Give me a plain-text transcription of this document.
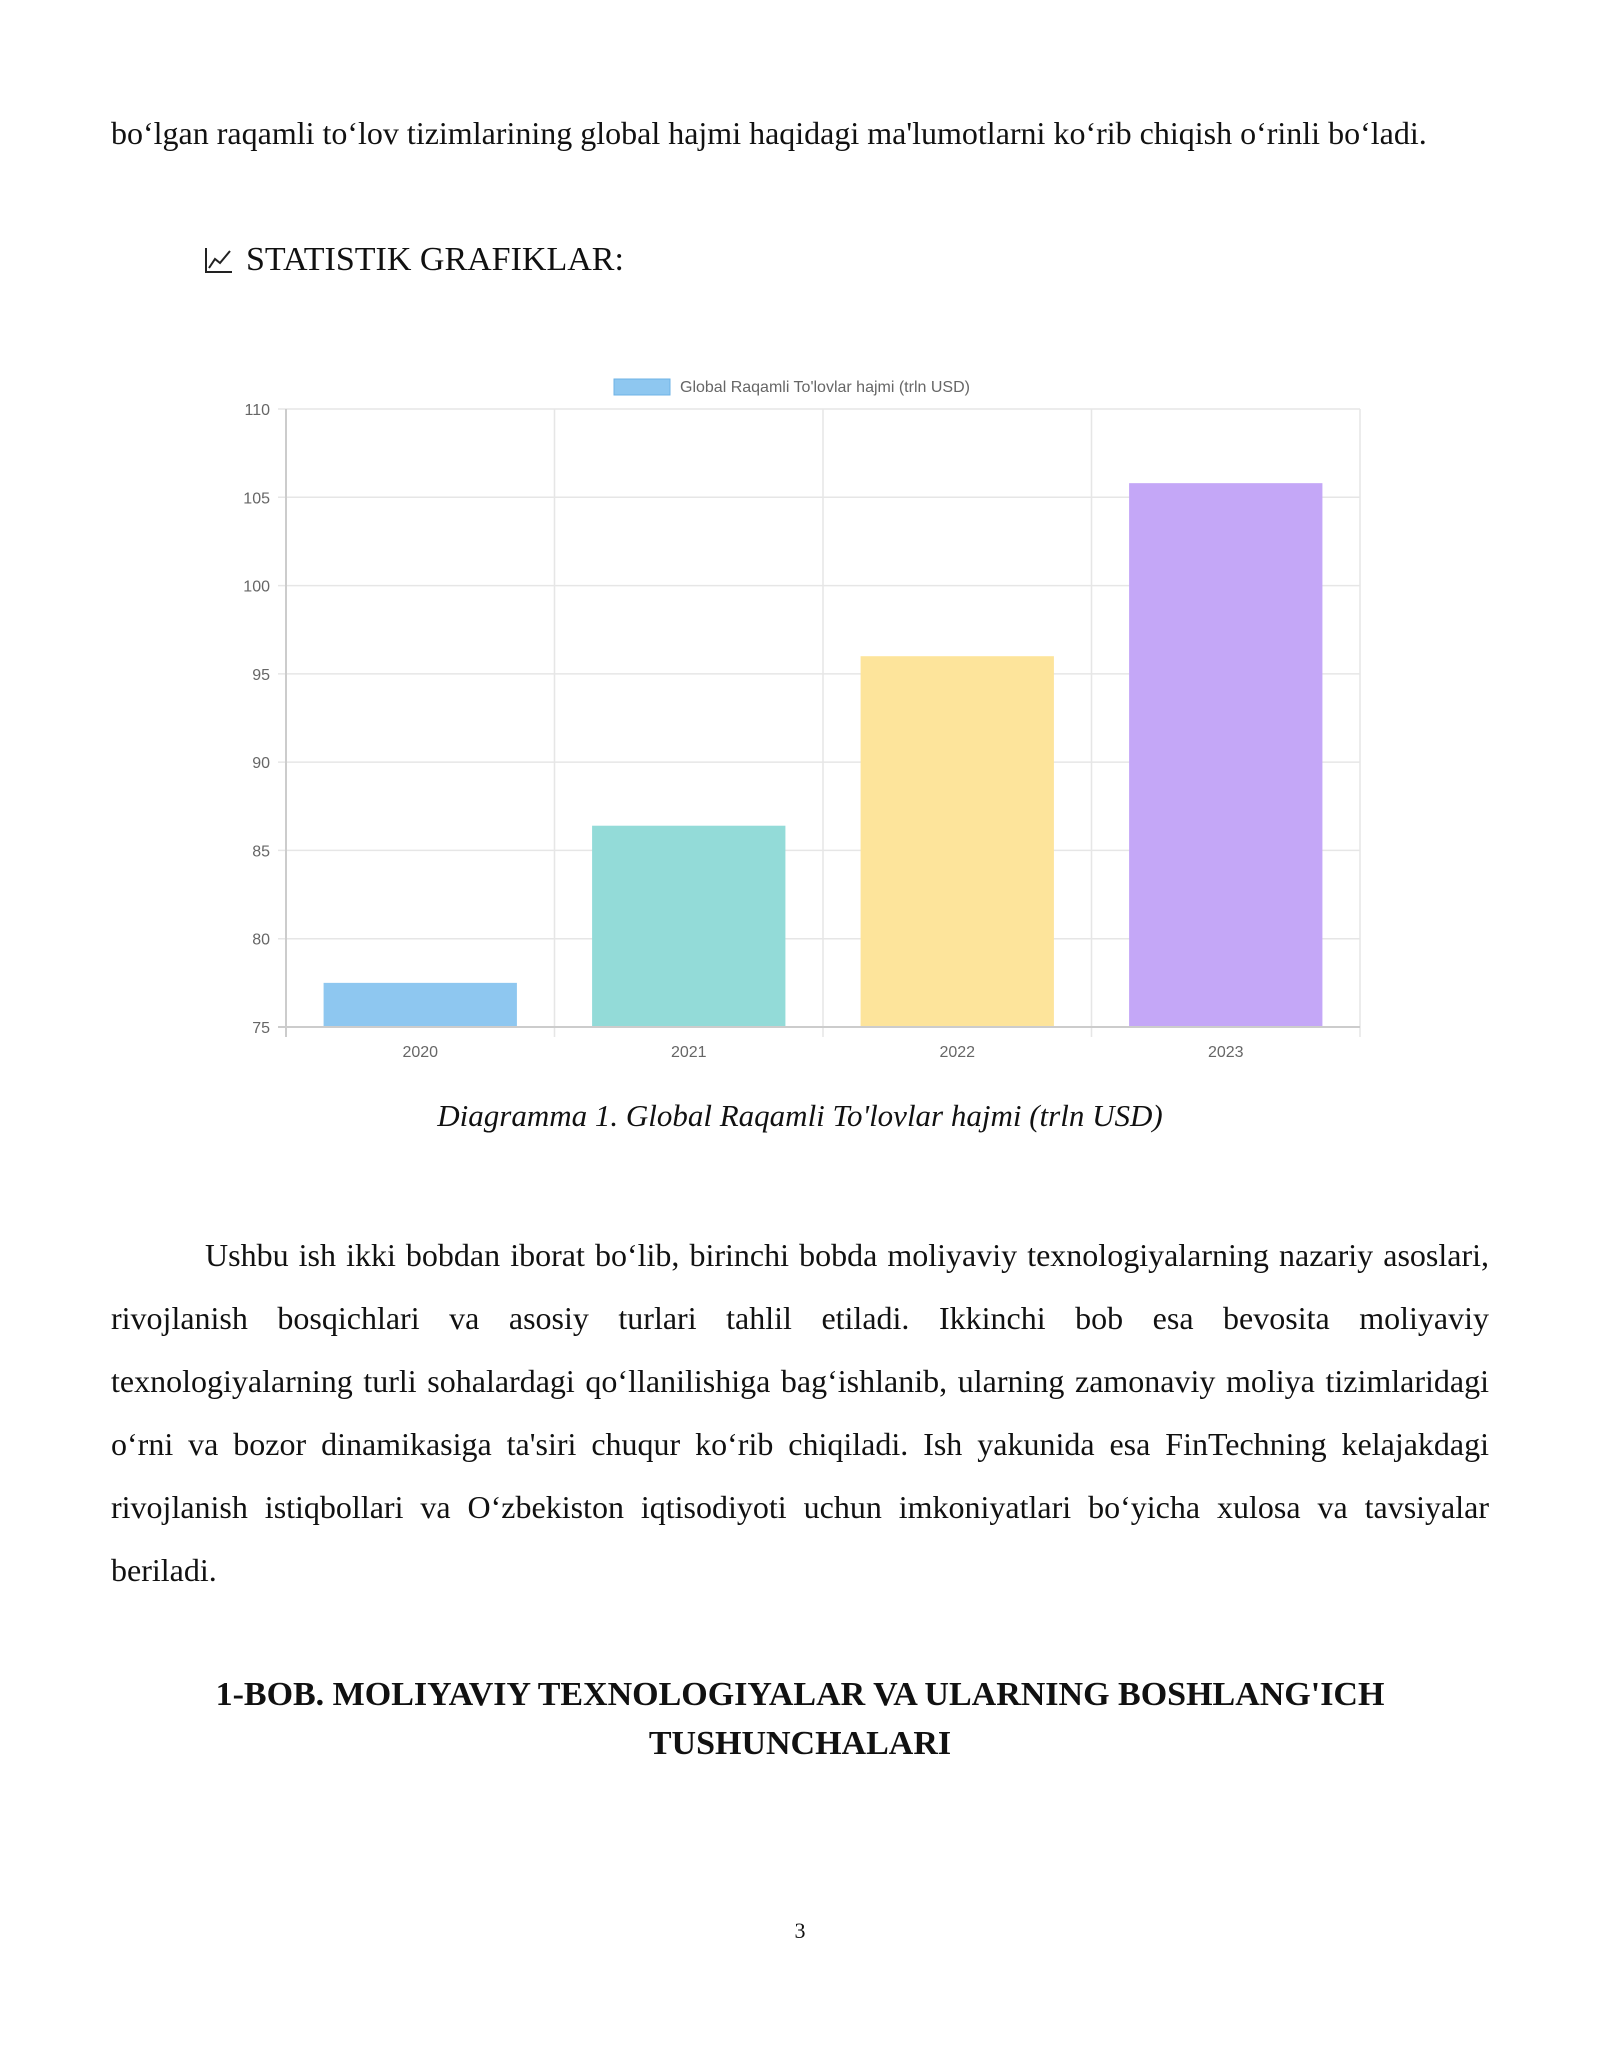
boʻlgan raqamli toʻlov tizimlarining global hajmi haqidagi ma'lumotlarni koʻrib chiqish oʻrinli boʻladi.

STATISTIK GRAFIKLAR:
75
80
85
90
95
100
105
110
2020	2021	2022	2023
Global Raqamli To'lovlar hajmi (trln USD)

Diagramma 1. Global Raqamli To'lovlar hajmi (trln USD)

Ushbu ish ikki bobdan iborat boʻlib, birinchi bobda moliyaviy texnologiyalarning nazariy asoslari, rivojlanish bosqichlari va asosiy turlari tahlil etiladi. Ikkinchi bob esa bevosita moliyaviy texnologiyalarning turli sohalardagi qoʻllanilishiga bagʻishlanib, ularning zamonaviy moliya tizimlaridagi oʻrni va bozor dinamikasiga ta'siri chuqur koʻrib chiqiladi. Ish yakunida esa FinTechning kelajakdagi rivojlanish istiqbollari va Oʻzbekiston iqtisodiyoti uchun imkoniyatlari boʻyicha xulosa va tavsiyalar beriladi.

1-BOB. MOLIYAVIY TEXNOLOGIYALAR VA ULARNING BOSHLANG'ICH
TUSHUNCHALARI

3
